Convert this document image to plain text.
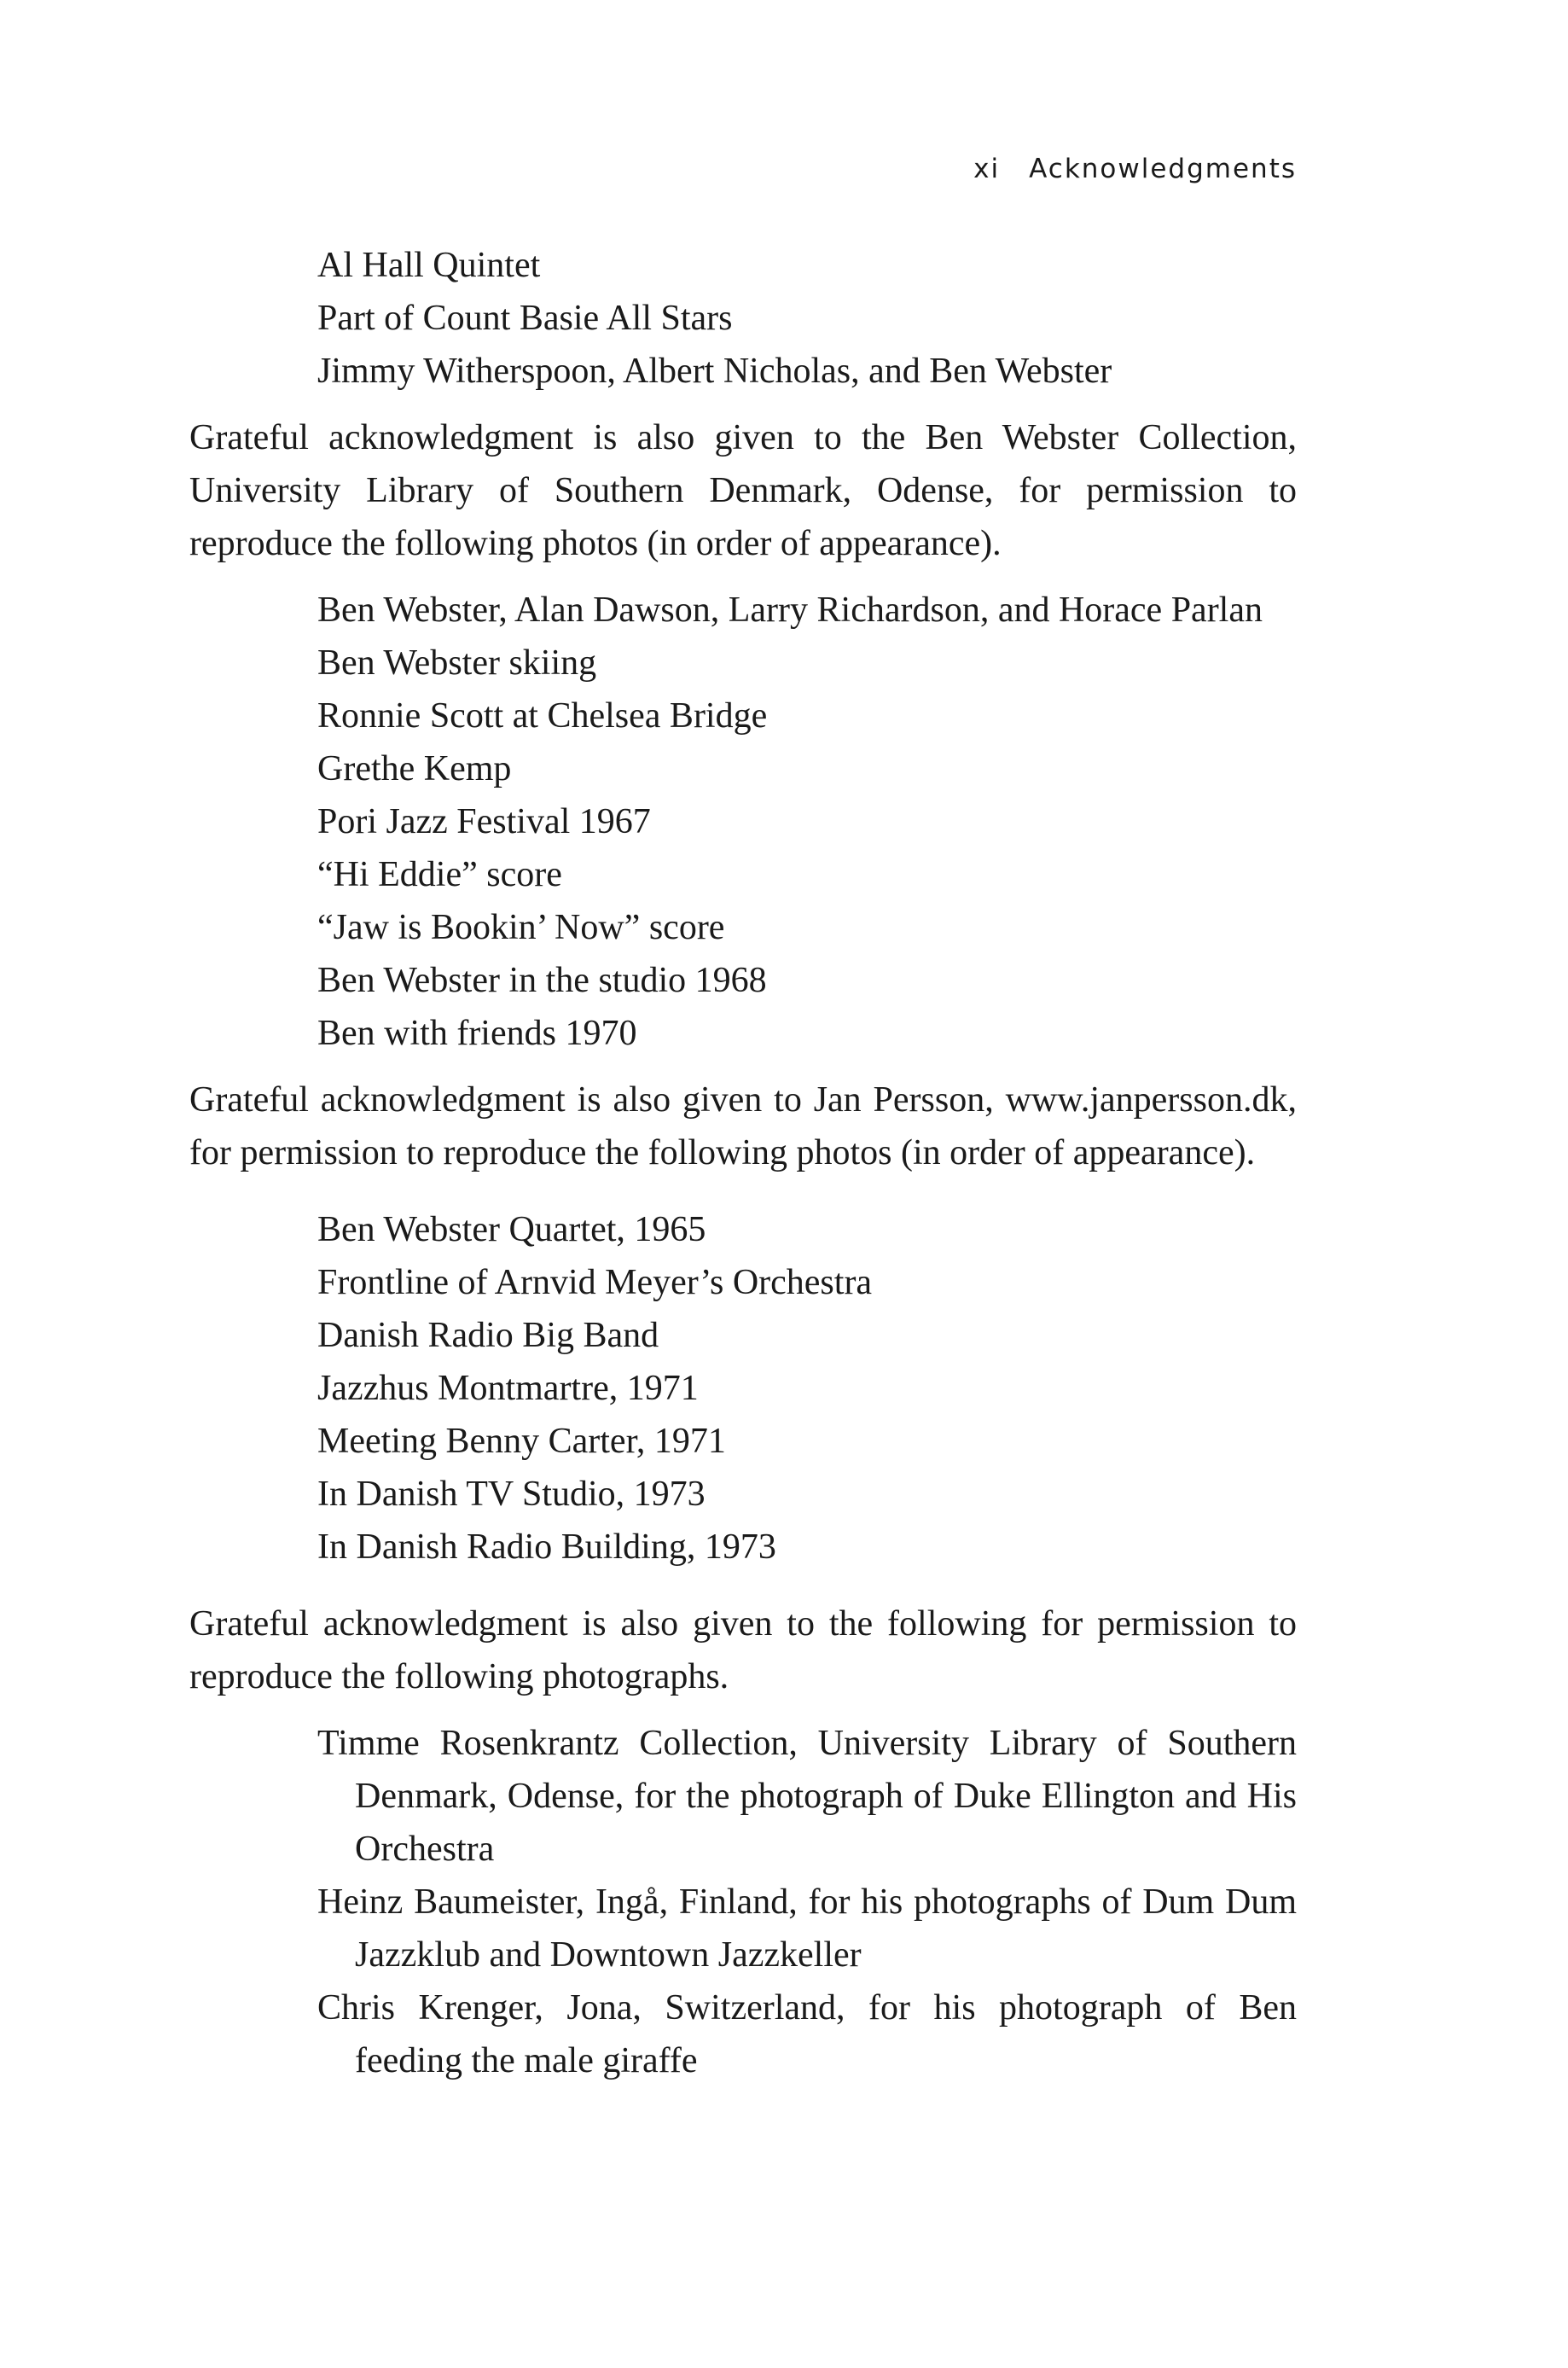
xi Acknowledgments
Al Hall Quintet
Part of Count Basie All Stars
Jimmy Witherspoon, Albert Nicholas, and Ben Webster

Grateful acknowledgment is also given to the Ben Webster Collection, University Library of Southern Denmark, Odense, for permission to reproduce the following photos (in order of appearance).

Ben Webster, Alan Dawson, Larry Richardson, and Horace Parlan
Ben Webster skiing
Ronnie Scott at Chelsea Bridge
Grethe Kemp
Pori Jazz Festival 1967
“Hi Eddie” score
“Jaw is Bookin’ Now” score
Ben Webster in the studio 1968
Ben with friends 1970

Grateful acknowledgment is also given to Jan Persson, www.janpersson.dk, for permission to reproduce the following photos (in order of appearance).

Ben Webster Quartet, 1965
Frontline of Arnvid Meyer’s Orchestra
Danish Radio Big Band
Jazzhus Montmartre, 1971
Meeting Benny Carter, 1971
In Danish TV Studio, 1973
In Danish Radio Building, 1973

Grateful acknowledgment is also given to the following for permission to reproduce the following photographs.

Timme Rosenkrantz Collection, University Library of Southern Denmark, Odense, for the photograph of Duke Ellington and His Orchestra
Heinz Baumeister, Ingå, Finland, for his photographs of Dum Dum Jazzklub and Downtown Jazzkeller
Chris Krenger, Jona, Switzerland, for his photograph of Ben feeding the male giraffe
